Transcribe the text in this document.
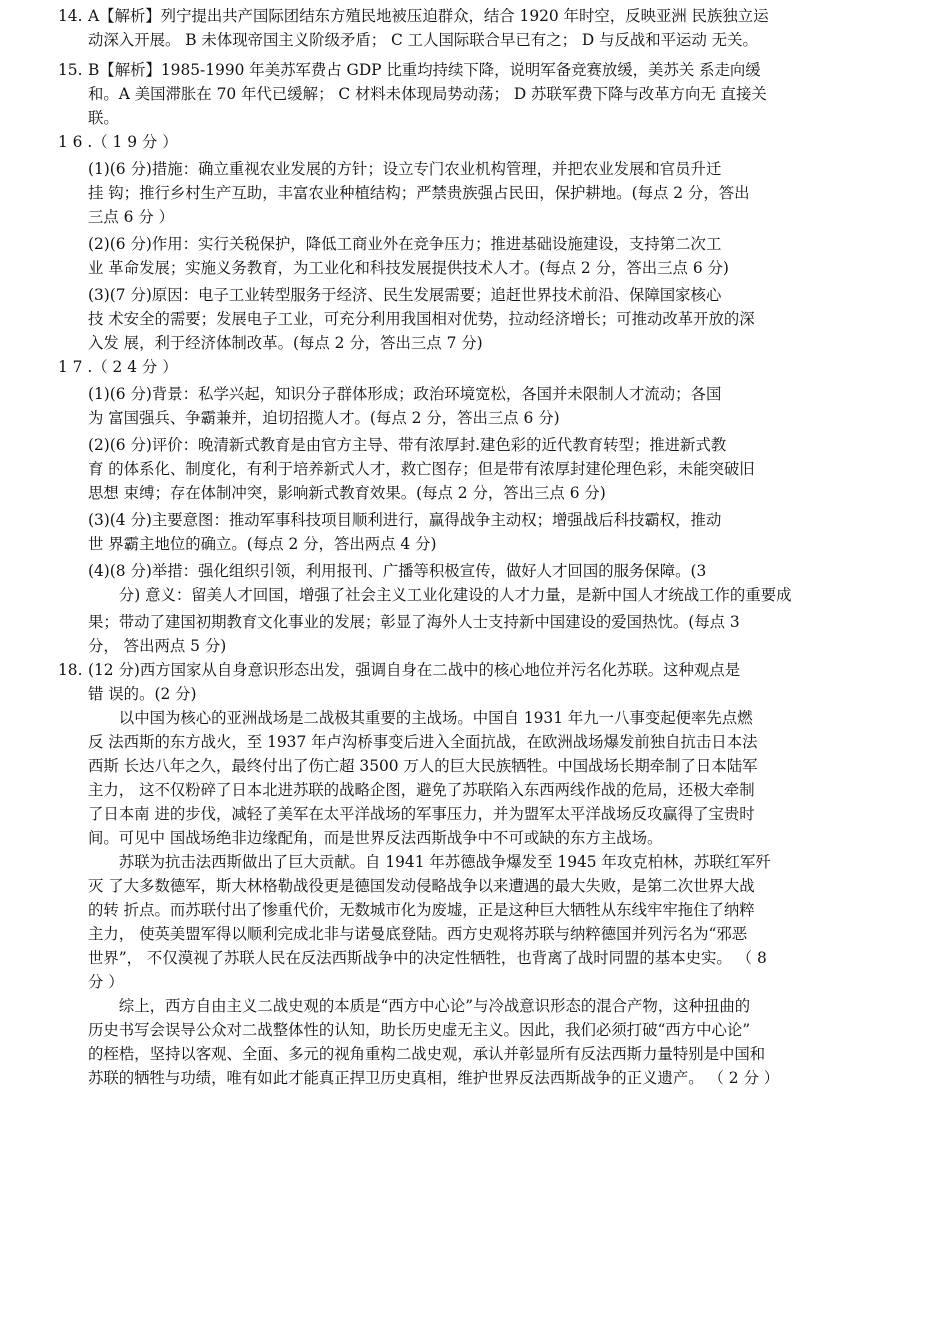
14. A【解析】列宁提出共产国际团结东方殖民地被压迫群众，结合 1920 年时空，反映亚洲 民族独立运

动深入开展。 B 未体现帝国主义阶级矛盾； C 工人国际联合早已有之； D 与反战和平运动 无关。

15. B【解析】1985-1990 年美苏军费占 GDP 比重均持续下降，说明军备竞赛放缓，美苏关 系走向缓

和。A 美国滞胀在 70 年代已缓解； C 材料未体现局势动荡； D 苏联军费下降与改革方向无 直接关

联。

1 6 .（ 1 9 分 ）

(1)(6 分)措施：确立重视农业发展的方针；设立专门农业机构管理，并把农业发展和官员升迁

挂 钩；推行乡村生产互助，丰富农业种植结构；严禁贵族强占民田，保护耕地。(每点 2 分，答出

三点 6 分 ）

(2)(6 分)作用：实行关税保护，降低工商业外在竞争压力；推进基础设施建设，支持第二次工

业 革命发展；实施义务教育，为工业化和科技发展提供技术人才。(每点 2 分，答出三点 6 分)

(3)(7 分)原因：电子工业转型服务于经济、民生发展需要；追赶世界技术前沿、保障国家核心

技 术安全的需要；发展电子工业，可充分利用我国相对优势，拉动经济增长；可推动改革开放的深

入发 展，利于经济体制改革。(每点 2 分，答出三点 7 分)

1 7 .（ 2 4 分 ）

(1)(6 分)背景：私学兴起，知识分子群体形成；政治环境宽松，各国并未限制人才流动；各国

为 富国强兵、争霸兼并，迫切招揽人才。(每点 2 分，答出三点 6 分)

(2)(6 分)评价：晚清新式教育是由官方主导、带有浓厚封.建色彩的近代教育转型；推进新式教

育 的体系化、制度化，有利于培养新式人才，救亡图存；但是带有浓厚封建伦理色彩，未能突破旧

思想 束缚；存在体制冲突，影响新式教育效果。(每点 2 分，答出三点 6 分)

(3)(4 分)主要意图：推动军事科技项目顺利进行，赢得战争主动权；增强战后科技霸权，推动

世 界霸主地位的确立。(每点 2 分，答出两点 4 分)

(4)(8 分)举措：强化组织引领，利用报刊、广播等积极宣传，做好人才回国的服务保障。(3

分) 意义：留美人才回国，增强了社会主义工业化建设的人才力量，是新中国人才统战工作的重要成

果；带动了建国初期教育文化事业的发展；彰显了海外人士支持新中国建设的爱国热忱。(每点 3

分， 答出两点 5 分)

18. (12 分)西方国家从自身意识形态出发，强调自身在二战中的核心地位并污名化苏联。这种观点是

错 误的。(2 分)

以中国为核心的亚洲战场是二战极其重要的主战场。中国自 1931 年九一八事变起便率先点燃

反 法西斯的东方战火，至 1937 年卢沟桥事变后进入全面抗战，在欧洲战场爆发前独自抗击日本法

西斯 长达八年之久，最终付出了伤亡超 3500 万人的巨大民族牺牲。中国战场长期牵制了日本陆军

主力， 这不仅粉碎了日本北进苏联的战略企图，避免了苏联陷入东西两线作战的危局，还极大牵制

了日本南 进的步伐，减轻了美军在太平洋战场的军事压力，并为盟军太平洋战场反攻赢得了宝贵时

间。可见中 国战场绝非边缘配角，而是世界反法西斯战争中不可或缺的东方主战场。

苏联为抗击法西斯做出了巨大贡献。自 1941 年苏德战争爆发至 1945 年攻克柏林，苏联红军歼

灭 了大多数德军，斯大林格勒战役更是德国发动侵略战争以来遭遇的最大失败，是第二次世界大战

的转 折点。而苏联付出了惨重代价，无数城市化为废墟，正是这种巨大牺牲从东线牢牢拖住了纳粹

主力， 使英美盟军得以顺利完成北非与诺曼底登陆。西方史观将苏联与纳粹德国并列污名为“邪恶

世界”， 不仅漠视了苏联人民在反法西斯战争中的决定性牺牲，也背离了战时同盟的基本史实。 （ 8

分 ）

综上，西方自由主义二战史观的本质是“西方中心论”与冷战意识形态的混合产物，这种扭曲的

历史书写会误导公众对二战整体性的认知，助长历史虚无主义。因此，我们必须打破“西方中心论”

的桎梏，坚持以客观、全面、多元的视角重构二战史观，承认并彰显所有反法西斯力量特别是中国和

苏联的牺牲与功绩，唯有如此才能真正捍卫历史真相，维护世界反法西斯战争的正义遗产。 （ 2 分 ）
